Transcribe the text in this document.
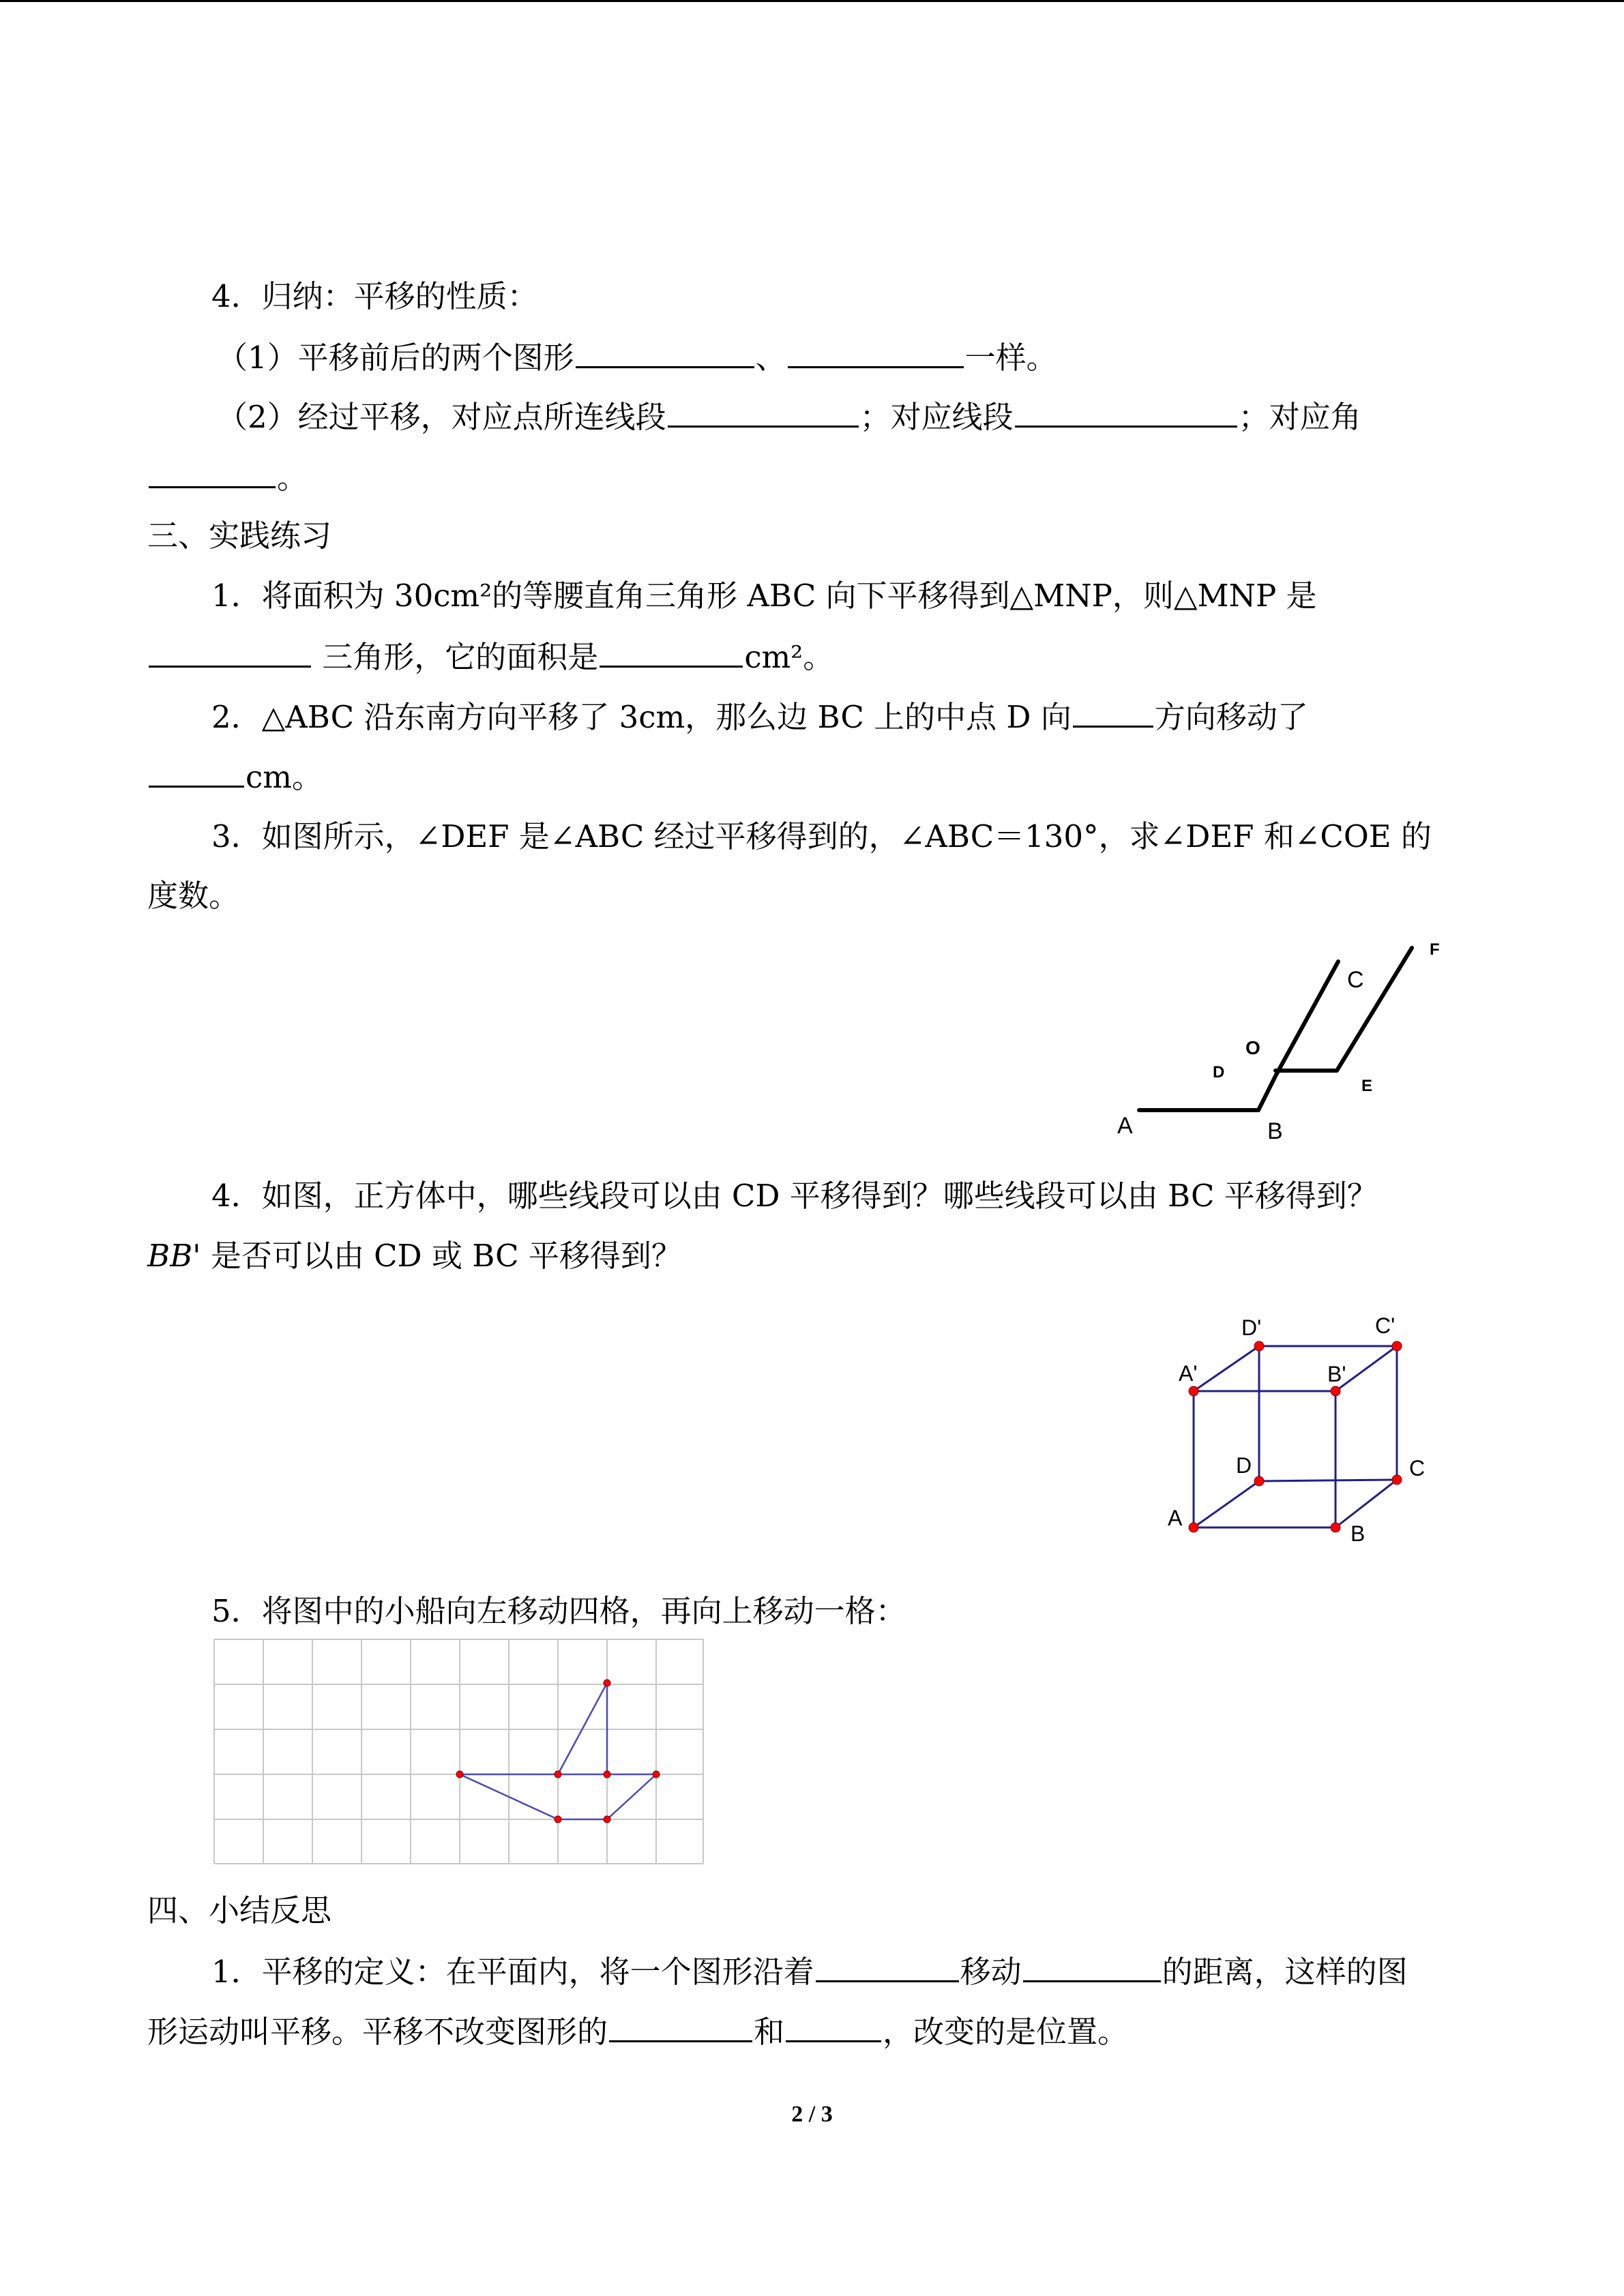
4．归纳：平移的性质：
（1）平移前后的两个图形	、	一样。
（2）经过平移，对应点所连线段	；对应线段	；对应角
。
三、实践练习
1．将面积为 30cm²的等腰直角三角形 ABC 向下平移得到△MNP，则△MNP 是
三角形，它的面积是	cm²。
2．△ABC 沿东南方向平移了 3cm，那么边 BC 上的中点 D 向	方向移动了
cm。
3．如图所示，∠DEF 是∠ABC 经过平移得到的，∠ABC＝130°，求∠DEF 和∠COE 的
度数。
A	B
C
D
E
F
O
4．如图，正方体中，哪些线段可以由 CD 平移得到？哪些线段可以由 BC 平移得到？
BB' 是否可以由 CD 或 BC 平移得到？
D'	C'
A'	B'
D	C
A
B
5．将图中的小船向左移动四格，再向上移动一格：
四、小结反思
1．平移的定义：在平面内，将一个图形沿着	移动	的距离，这样的图
形运动叫平移。平移不改变图形的	和	，改变的是位置。
2 / 3
